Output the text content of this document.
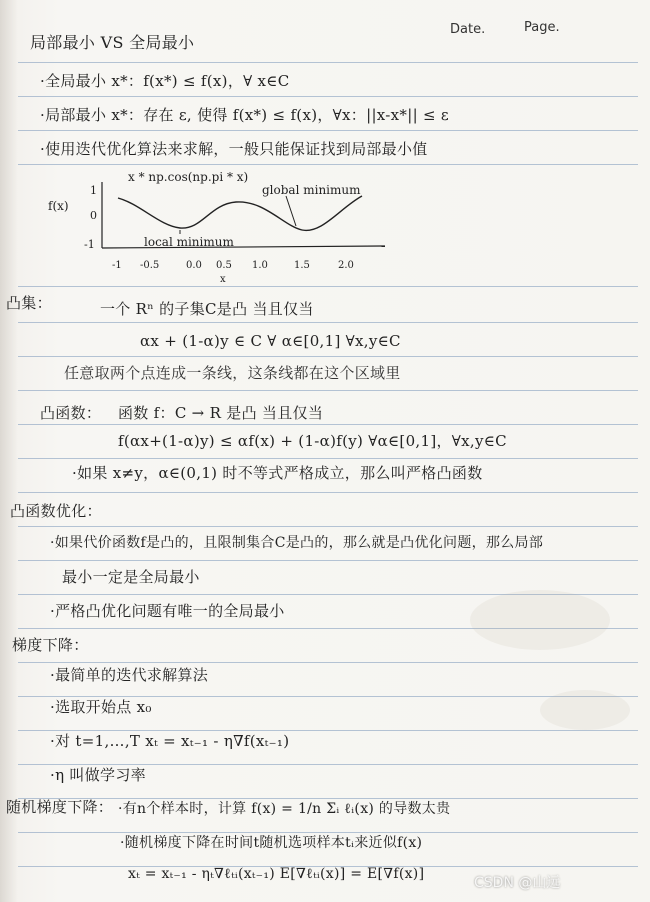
Date.	Page.
局部最小 VS 全局最小
·全局最小 x*：f(x*) ≤ f(x)，∀ x∈C
·局部最小 x*：存在 ε, 使得 f(x*) ≤ f(x)，∀x：||x-x*|| ≤ ε
·使用迭代优化算法来求解，一般只能保证找到局部最小值
x * np.cos(np.pi * x)
f(x)
1
0
-1
global minimum
local minimum
-1 -0.5	0.0 0.5 1.0	1.5	2.0
x
凸集：	一个 Rⁿ 的子集C是凸 当且仅当
αx + (1-α)y ∈ C ∀ α∈[0,1] ∀x,y∈C
任意取两个点连成一条线，这条线都在这个区域里
凸函数： 函数 f：C → R 是凸 当且仅当
f(αx+(1-α)y) ≤ αf(x) + (1-α)f(y) ∀α∈[0,1]，∀x,y∈C
·如果 x≠y，α∈(0,1) 时不等式严格成立，那么叫严格凸函数
凸函数优化：
·如果代价函数f是凸的，且限制集合C是凸的，那么就是凸优化问题，那么局部
最小一定是全局最小
·严格凸优化问题有唯一的全局最小
梯度下降：
·最简单的迭代求解算法
·选取开始点 x₀
·对 t=1,…,T xₜ = xₜ₋₁ - η∇f(xₜ₋₁)
·η 叫做学习率
随机梯度下降： ·有n个样本时，计算 f(x) = 1/n Σᵢ ℓᵢ(x) 的导数太贵
·随机梯度下降在时间t随机选项样本tᵢ来近似f(x)
xₜ = xₜ₋₁ - ηₜ∇ℓₜᵢ(xₜ₋₁) E[∇ℓₜᵢ(x)] = E[∇f(x)]
CSDN @山远
